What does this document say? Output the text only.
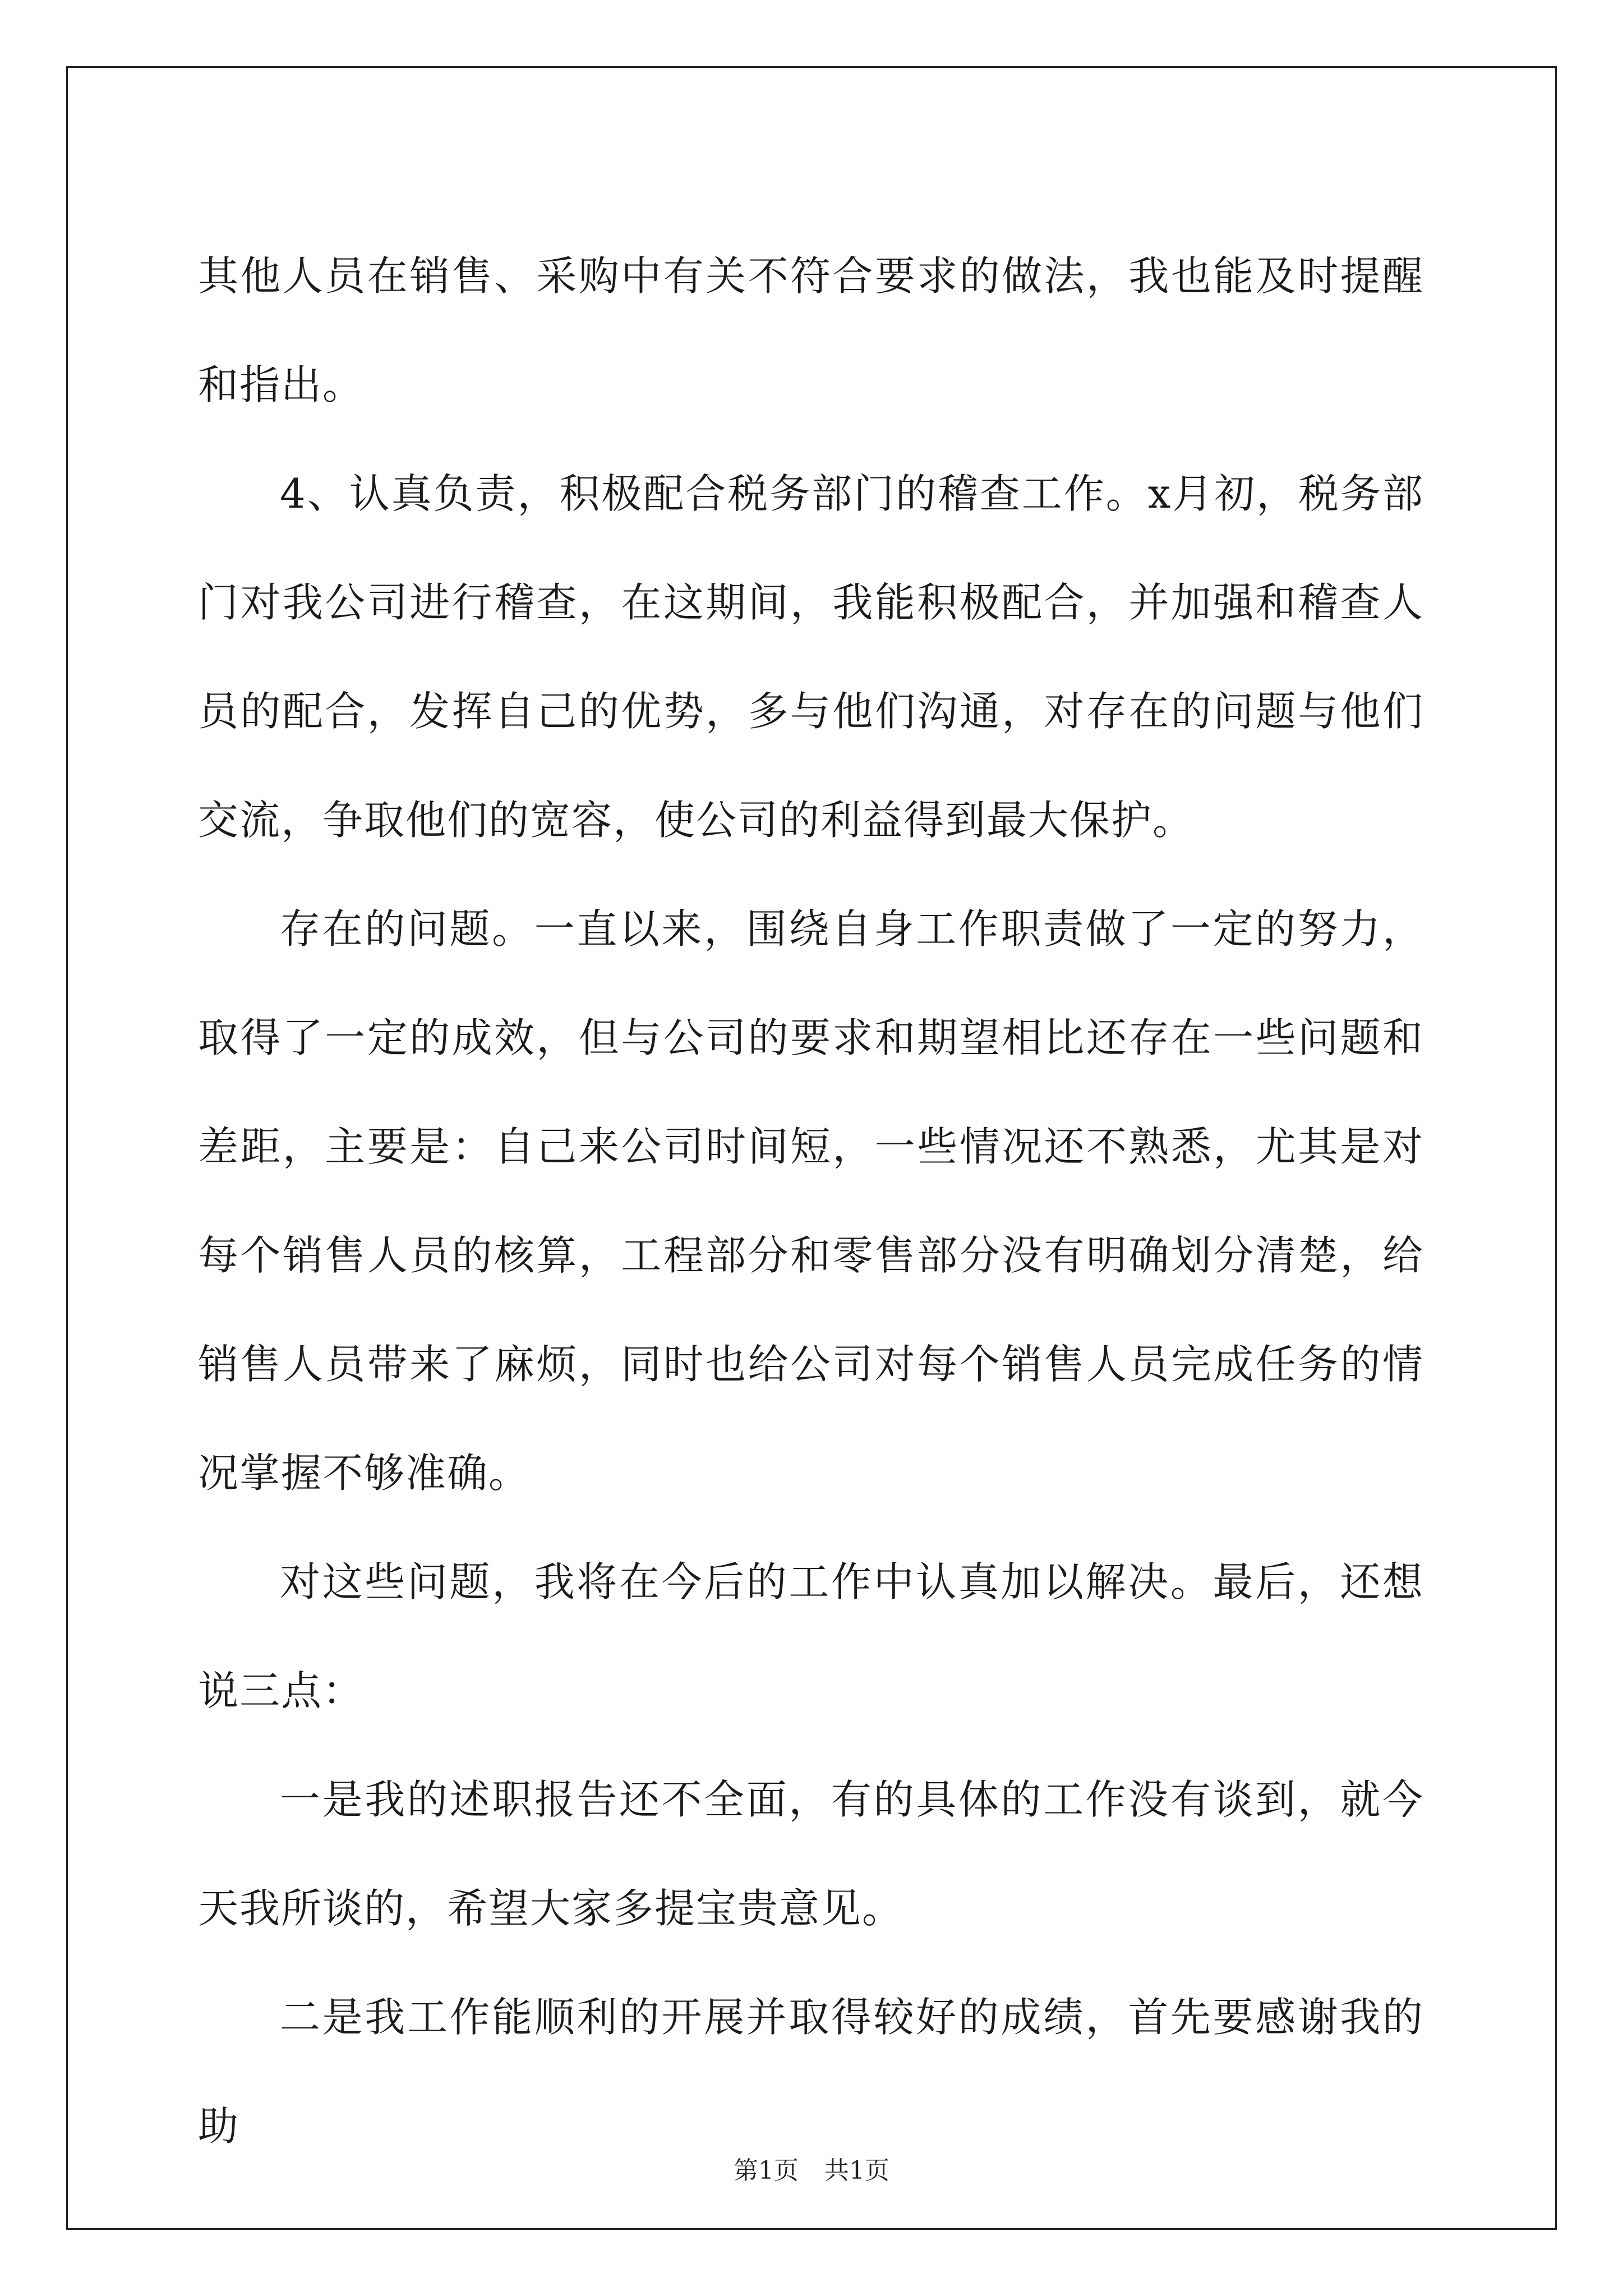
其他人员在销售、采购中有关不符合要求的做法，我也能及时提醒和指出。

4、认真负责，积极配合税务部门的稽查工作。x月初，税务部门对我公司进行稽查，在这期间，我能积极配合，并加强和稽查人员的配合，发挥自己的优势，多与他们沟通，对存在的问题与他们交流，争取他们的宽容，使公司的利益得到最大保护。

存在的问题。一直以来，围绕自身工作职责做了一定的努力，取得了一定的成效，但与公司的要求和期望相比还存在一些问题和差距，主要是：自己来公司时间短，一些情况还不熟悉，尤其是对每个销售人员的核算，工程部分和零售部分没有明确划分清楚，给销售人员带来了麻烦，同时也给公司对每个销售人员完成任务的情况掌握不够准确。

对这些问题，我将在今后的工作中认真加以解决。最后，还想说三点：

一是我的述职报告还不全面，有的具体的工作没有谈到，就今天我所谈的，希望大家多提宝贵意见。

二是我工作能顺利的开展并取得较好的成绩，首先要感谢我的助

第1页 共1页
